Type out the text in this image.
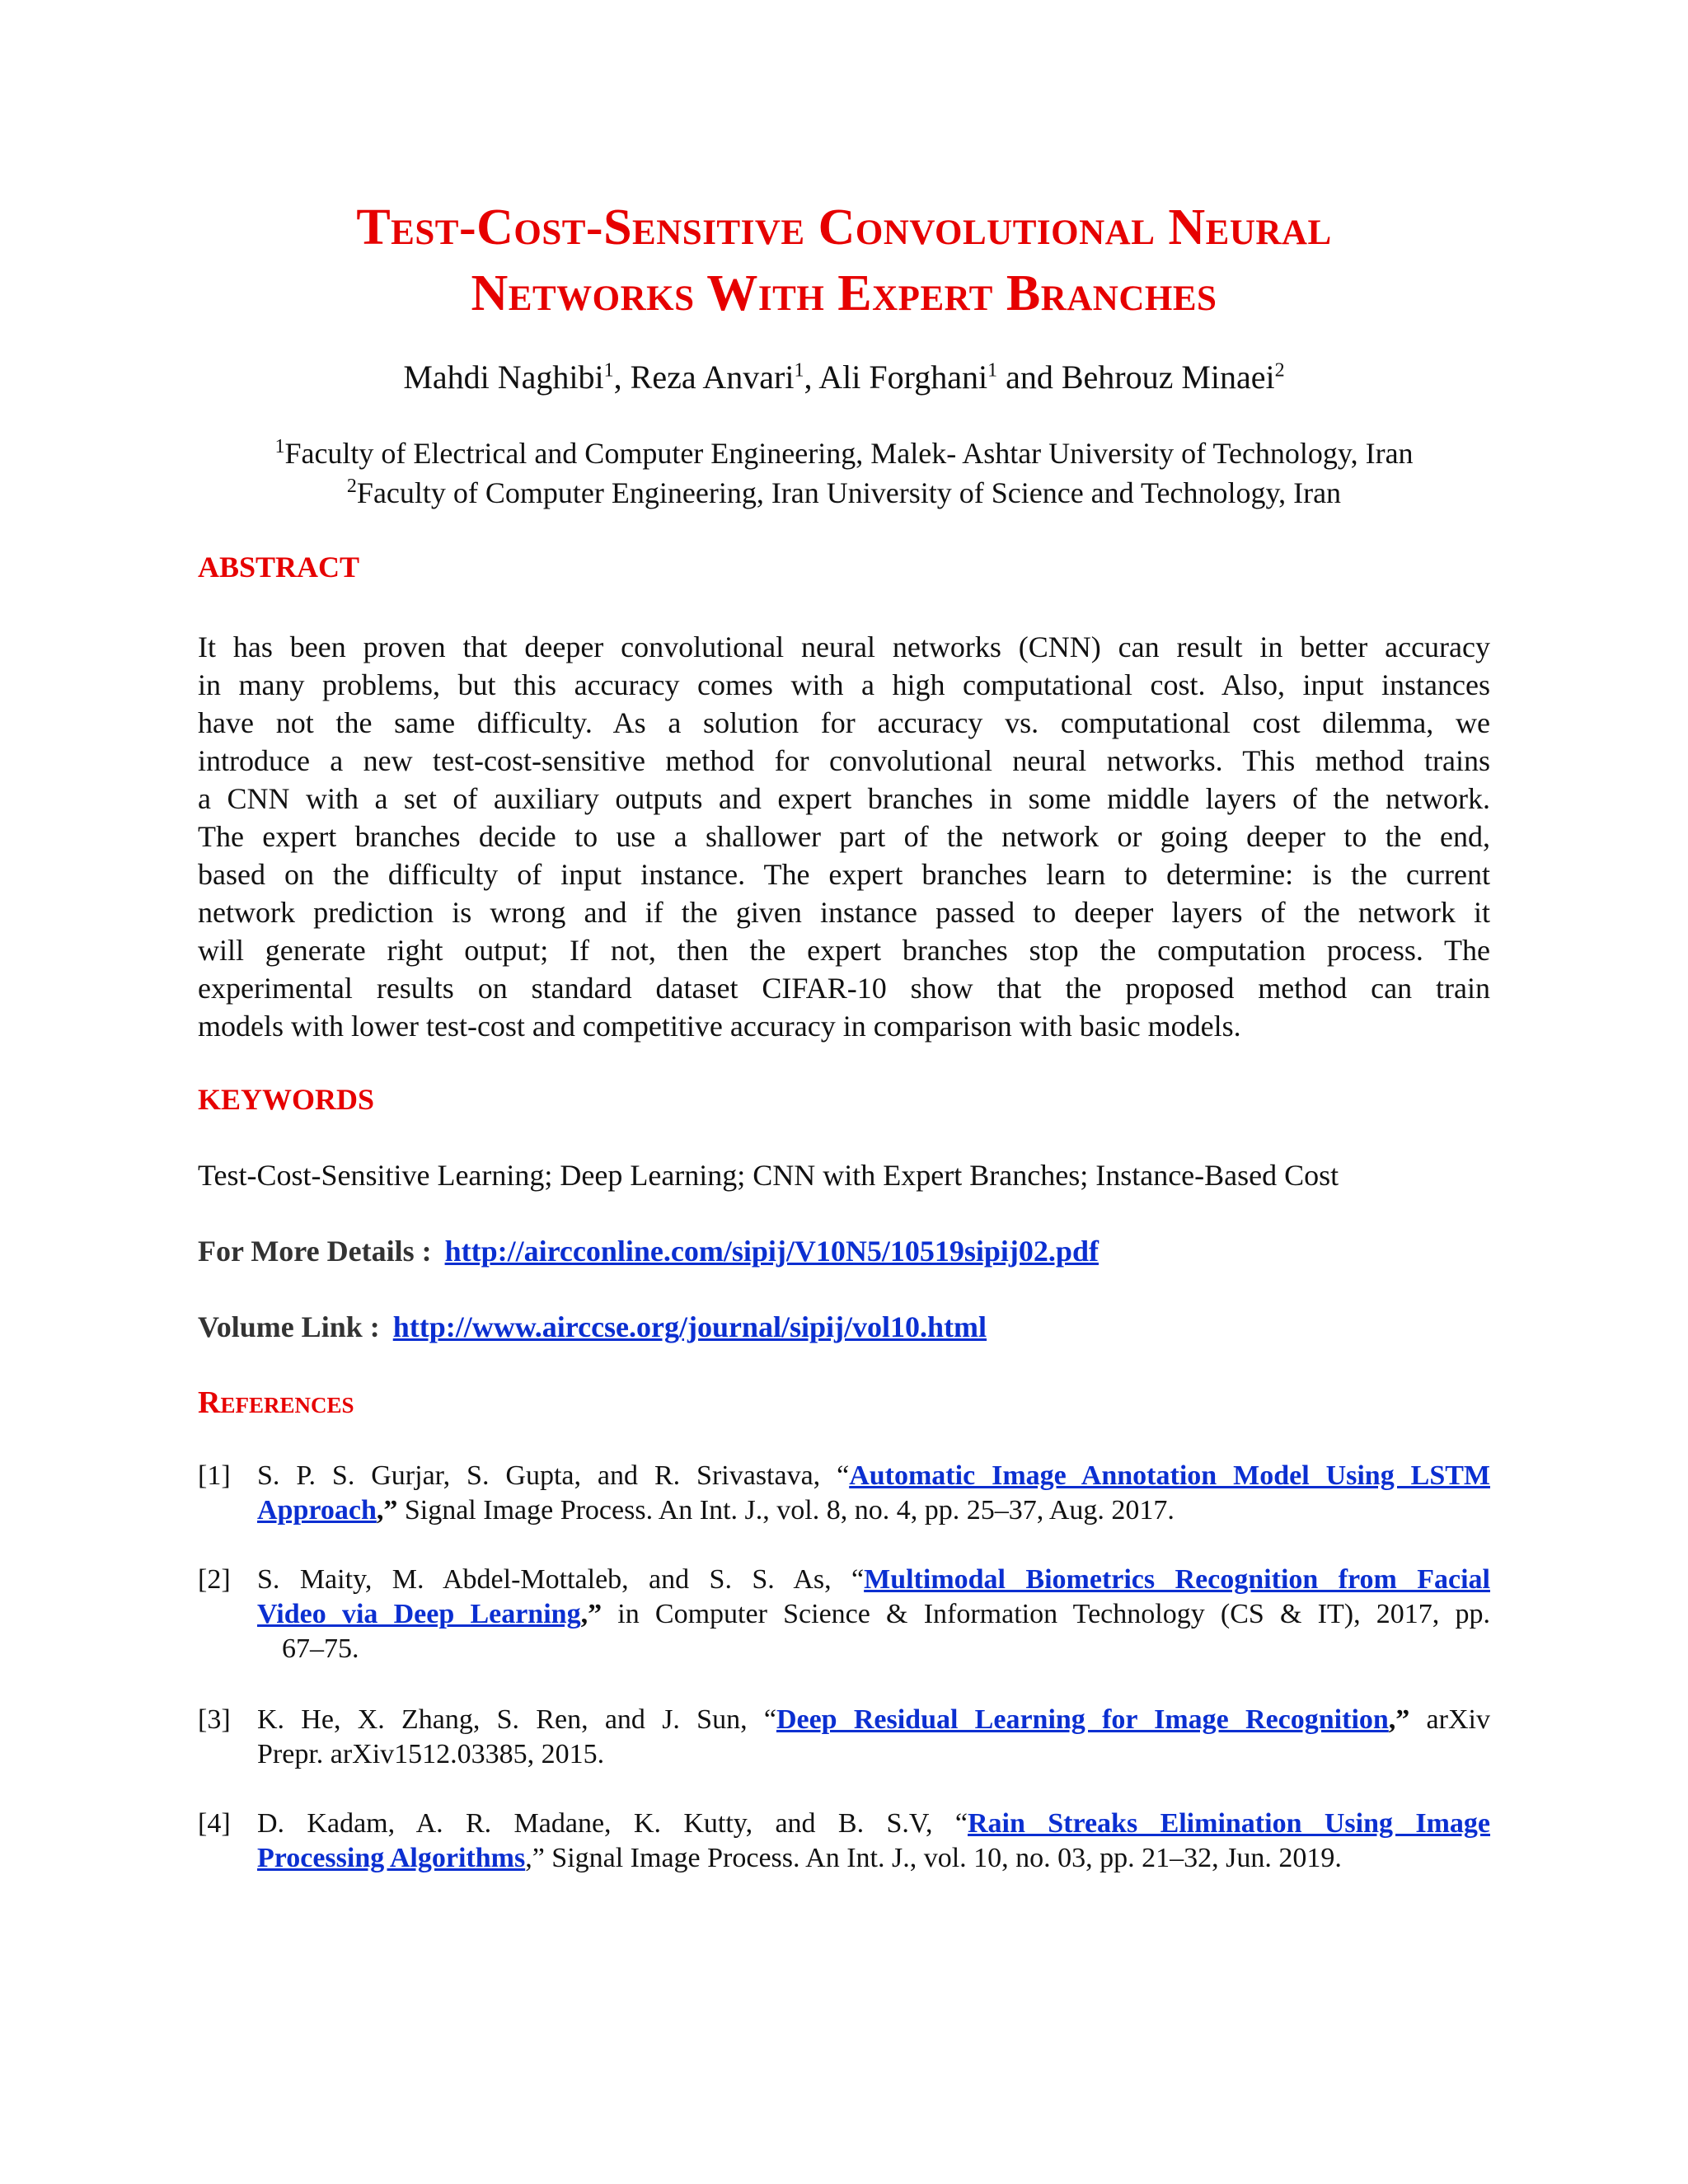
Test-Cost-Sensitive Convolutional Neural
Networks With Expert Branches
Mahdi Naghibi$^1$, Reza Anvari$^1$, Ali Forghani$^1$ and Behrouz Minaei$^2$
$^1$Faculty of Electrical and Computer Engineering, Malek- Ashtar University of Technology, Iran
$^2$Faculty of Computer Engineering, Iran University of Science and Technology, Iran
ABSTRACT
It has been proven that deeper convolutional neural networks (CNN) can result in better accuracy
in many problems, but this accuracy comes with a high computational cost. Also, input instances
have not the same difficulty. As a solution for accuracy vs. computational cost dilemma, we
introduce a new test-cost-sensitive method for convolutional neural networks. This method trains
a CNN with a set of auxiliary outputs and expert branches in some middle layers of the network.
The expert branches decide to use a shallower part of the network or going deeper to the end,
based on the difficulty of input instance. The expert branches learn to determine: is the current
network prediction is wrong and if the given instance passed to deeper layers of the network it
will generate right output; If not, then the expert branches stop the computation process. The
experimental results on standard dataset CIFAR-10 show that the proposed method can train
models with lower test-cost and competitive accuracy in comparison with basic models.
KEYWORDS
Test-Cost-Sensitive Learning; Deep Learning; CNN with Expert Branches; Instance-Based Cost
For More Details : http://aircconline.com/sipij/V10N5/10519sipij02.pdf
Volume Link : http://www.airccse.org/journal/sipij/vol10.html
References
[1] S. P. S. Gurjar, S. Gupta, and R. Srivastava, “Automatic Image Annotation Model Using LSTM
Approach,” Signal Image Process. An Int. J., vol. 8, no. 4, pp. 25–37, Aug. 2017.
[2] S. Maity, M. Abdel-Mottaleb, and S. S. As, “Multimodal Biometrics Recognition from Facial
Video via Deep Learning,” in Computer Science & Information Technology (CS & IT), 2017, pp.
67–75.
[3] K. He, X. Zhang, S. Ren, and J. Sun, “Deep Residual Learning for Image Recognition,” arXiv
Prepr. arXiv1512.03385, 2015.
[4] D. Kadam, A. R. Madane, K. Kutty, and B. S.V, “Rain Streaks Elimination Using Image
Processing Algorithms,” Signal Image Process. An Int. J., vol. 10, no. 03, pp. 21–32, Jun. 2019.
